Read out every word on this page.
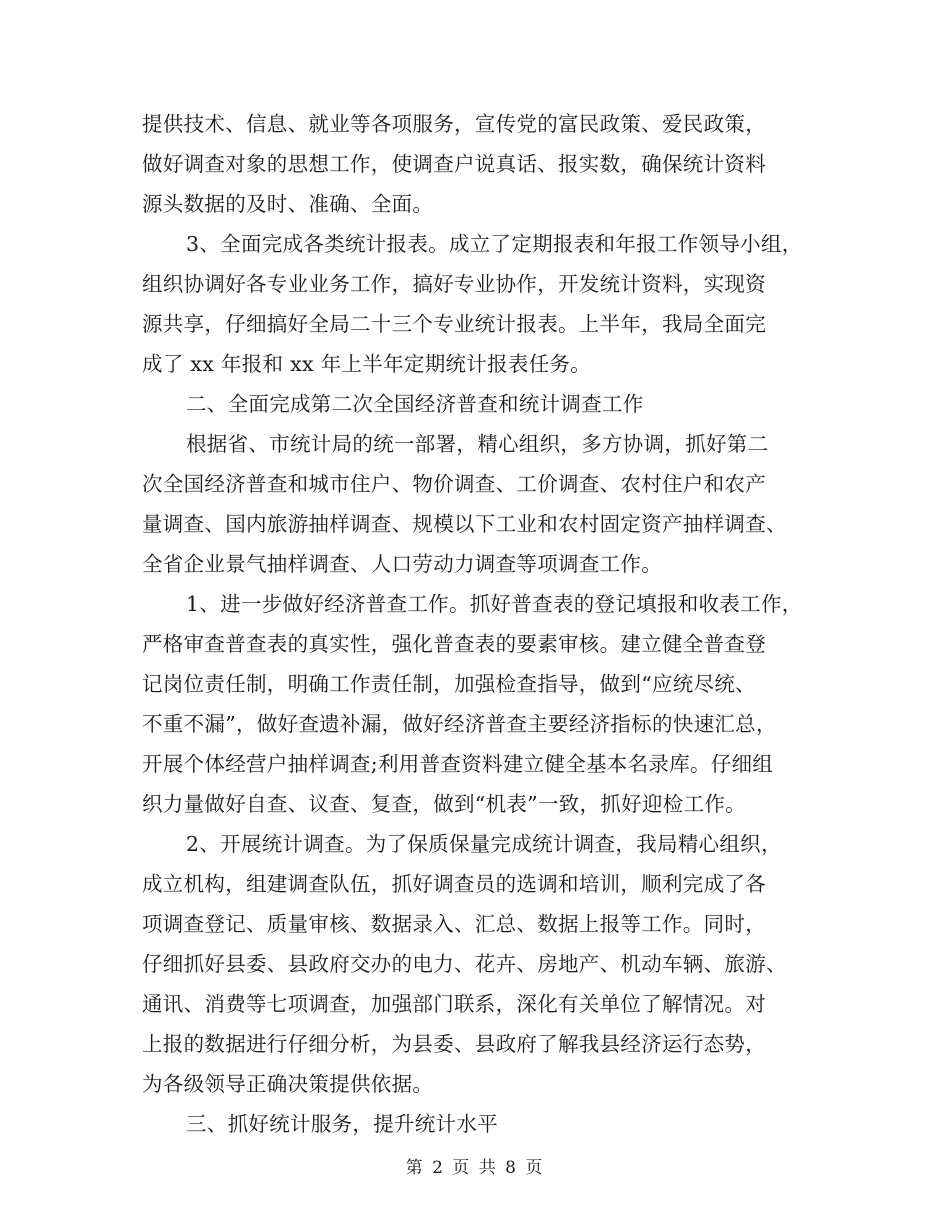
提供技术、信息、就业等各项服务，宣传党的富民政策、爱民政策，
做好调查对象的思想工作，使调查户说真话、报实数，确保统计资料
源头数据的及时、准确、全面。
3、全面完成各类统计报表。成立了定期报表和年报工作领导小组，
组织协调好各专业业务工作，搞好专业协作，开发统计资料，实现资
源共享，仔细搞好全局二十三个专业统计报表。上半年，我局全面完
成了 xx 年报和 xx 年上半年定期统计报表任务。
二、全面完成第二次全国经济普查和统计调查工作
根据省、市统计局的统一部署，精心组织，多方协调，抓好第二
次全国经济普查和城市住户、物价调查、工价调查、农村住户和农产
量调查、国内旅游抽样调查、规模以下工业和农村固定资产抽样调查、
全省企业景气抽样调查、人口劳动力调查等项调查工作。
1、进一步做好经济普查工作。抓好普查表的登记填报和收表工作，
严格审查普查表的真实性，强化普查表的要素审核。建立健全普查登
记岗位责任制，明确工作责任制，加强检查指导，做到“应统尽统、
不重不漏”，做好查遗补漏，做好经济普查主要经济指标的快速汇总，
开展个体经营户抽样调查;利用普查资料建立健全基本名录库。仔细组
织力量做好自查、议查、复查，做到“机表”一致，抓好迎检工作。
2、开展统计调查。为了保质保量完成统计调查，我局精心组织，
成立机构，组建调查队伍，抓好调查员的选调和培训，顺利完成了各
项调查登记、质量审核、数据录入、汇总、数据上报等工作。同时，
仔细抓好县委、县政府交办的电力、花卉、房地产、机动车辆、旅游、
通讯、消费等七项调查，加强部门联系，深化有关单位了解情况。对
上报的数据进行仔细分析，为县委、县政府了解我县经济运行态势，
为各级领导正确决策提供依据。
三、抓好统计服务，提升统计水平
第 2 页 共 8 页
